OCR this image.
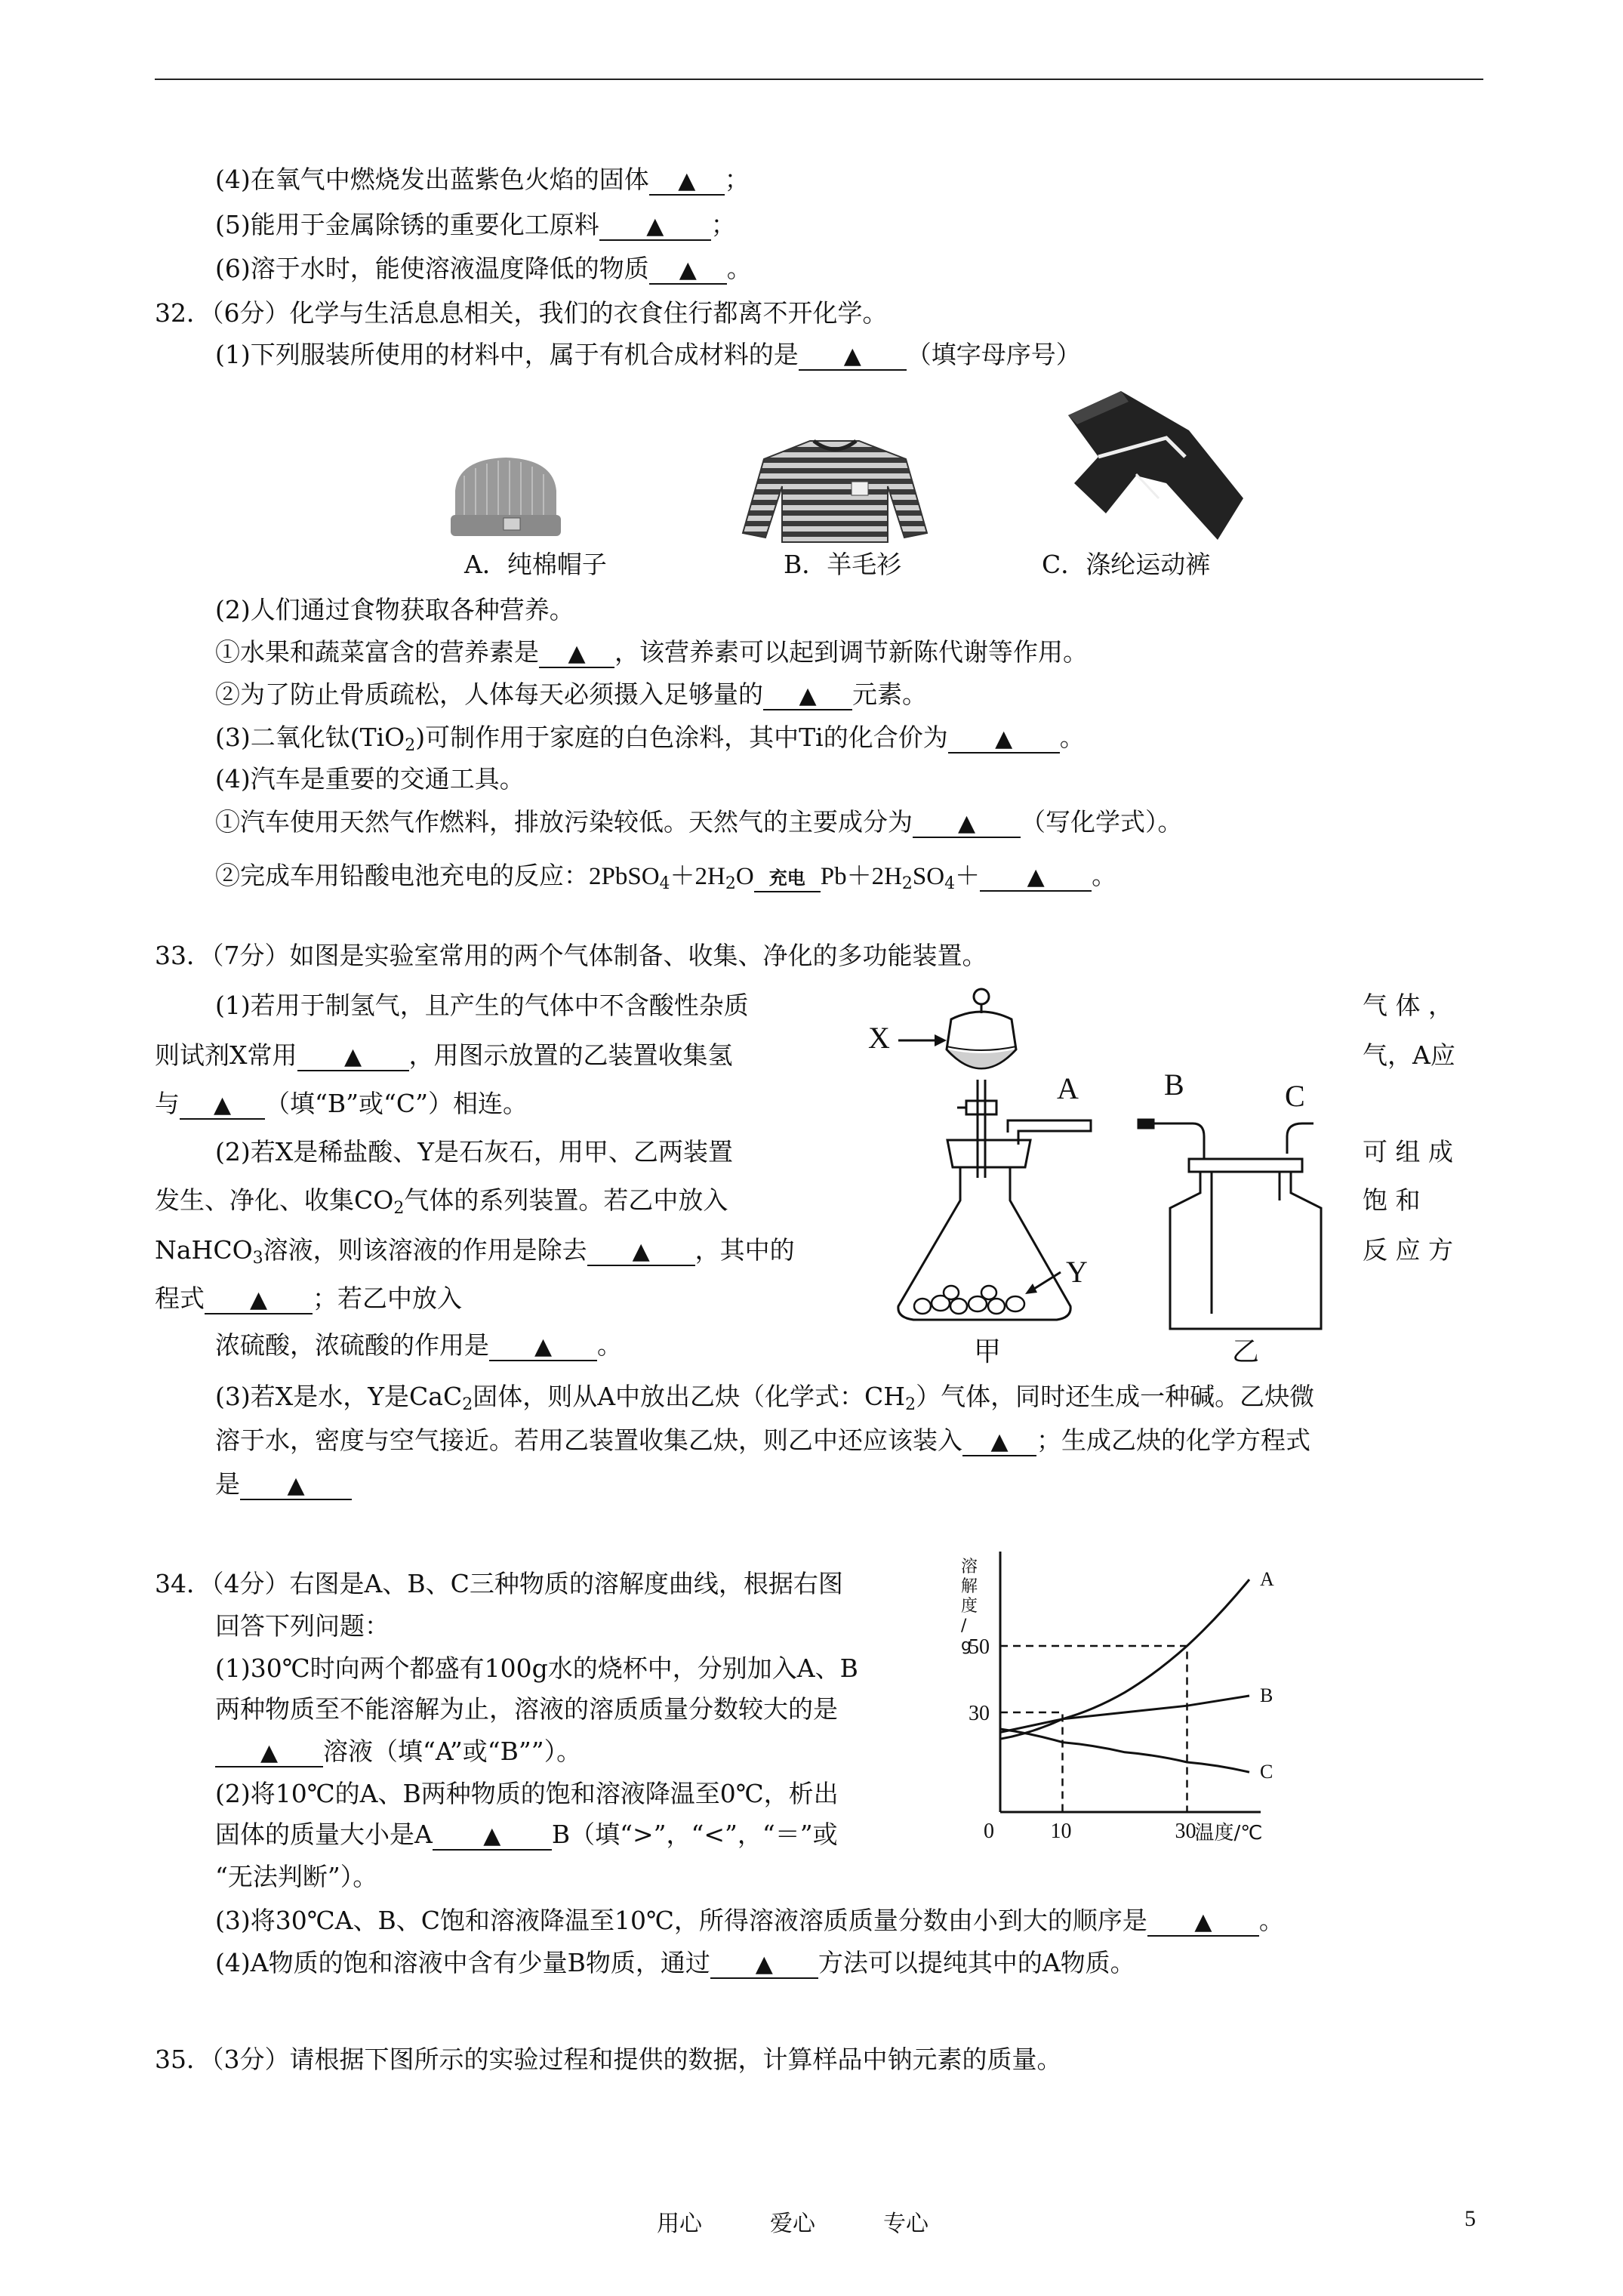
(4)在氧气中燃烧发出蓝紫色火焰的固体 ▲ ；
(5)能用于金属除锈的重要化工原料 ▲ ；
(6)溶于水时，能使溶液温度降低的物质 ▲ 。
32．（6分）化学与生活息息相关，我们的衣食住行都离不开化学。
(1)下列服装所使用的材料中，属于有机合成材料的是 ▲ （填字母序号）
A．纯棉帽子	B．羊毛衫	C．涤纶运动裤
(2)人们通过食物获取各种营养。
①水果和蔬菜富含的营养素是 ▲ ，该营养素可以起到调节新陈代谢等作用。
②为了防止骨质疏松，人体每天必须摄入足够量的 ▲ 元素。
(3)二氧化钛(TiO$_2$)可制作用于家庭的白色涂料，其中Ti的化合价为 ▲ 。
(4)汽车是重要的交通工具。
①汽车使用天然气作燃料，排放污染较低。天然气的主要成分为 ▲ （写化学式）。
②完成车用铅酸电池充电的反应：$2PbSO_4+2H_2O$ 充电 $Pb+2H_2SO_4+$ ▲ 。
33．（7分）如图是实验室常用的两个气体制备、收集、净化的多功能装置。
(1)若用于制氢气，且产生的气体中不含酸性杂质	气 体 ，
则试剂X常用 ▲ ，用图示放置的乙装置收集氢	气，A应
与 ▲ （填“B”或“C”）相连。
(2)若X是稀盐酸、Y是石灰石，用甲、乙两装置	可 组 成
发生、净化、收集$CO_2$气体的系列装置。若乙中放入	饱 和
NaHCO$_3$溶液，则该溶液的作用是除去 ▲ ，其中的	反 应 方
程式 ▲ ；若乙中放入
浓硫酸，浓硫酸的作用是 ▲ 。
X
A	B	C
Y
甲	乙
(3)若X是水，Y是CaC$_2$固体，则从A中放出乙炔（化学式：$CH_2$）气体，同时还生成一种碱。乙炔微
溶于水，密度与空气接近。若用乙装置收集乙炔，则乙中还应该装入 ▲ ；生成乙炔的化学方程式
是 ▲
34．（4分）右图是A、B、C三种物质的溶解度曲线，根据右图
回答下列问题：
(1)30℃时向两个都盛有100g水的烧杯中，分别加入A、B
两种物质至不能溶解为止，溶液的溶质质量分数较大的是
▲ 溶液（填“A”或“B””）。
(2)将10℃的A、B两种物质的饱和溶液降温至0℃，析出
固体的质量大小是A ▲ B（填“>”，“<”，“＝”或
“无法判断”）。
(3)将30℃A、B、C饱和溶液降温至10℃，所得溶液溶质质量分数由小到大的顺序是 ▲ 。
(4)A物质的饱和溶液中含有少量B物质，通过 ▲ 方法可以提纯其中的A物质。
A
B
C
0	10	30
30
50
溶解度/ g
温度/℃
35．（3分）请根据下图所示的实验过程和提供的数据，计算样品中钠元素的质量。
用心　　　爱心　　　专心	5
